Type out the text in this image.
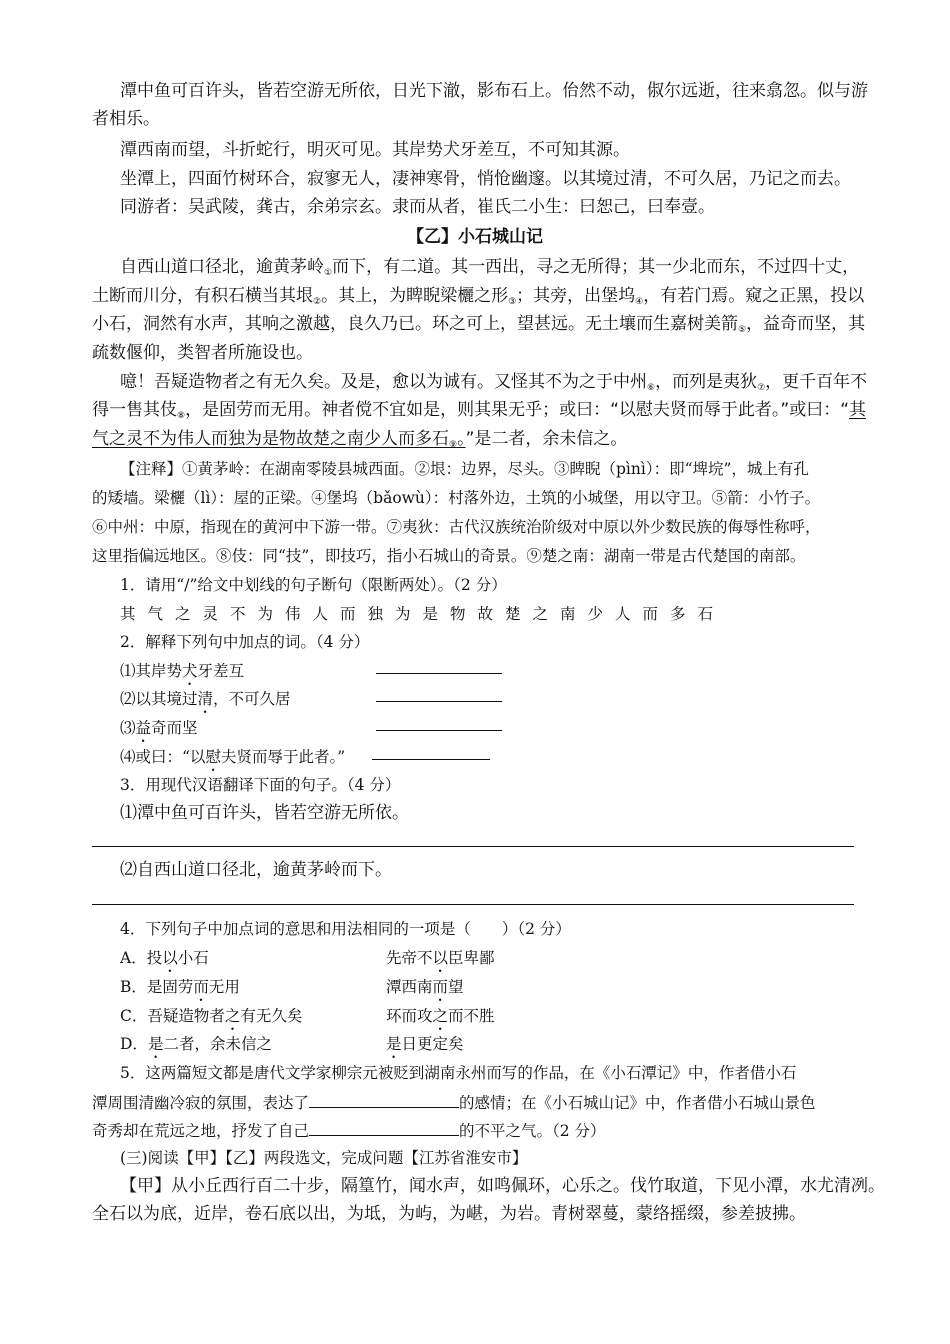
潭中鱼可百许头，皆若空游无所依，日光下澈，影布石上。佁然不动，俶尔远逝，往来翕忽。似与游
者相乐。
潭西南而望，斗折蛇行，明灭可见。其岸势犬牙差互，不可知其源。
坐潭上，四面竹树环合，寂寥无人，凄神寒骨，悄怆幽邃。以其境过清，不可久居，乃记之而去。
同游者：吴武陵，龚古，余弟宗玄。隶而从者，崔氏二小生：曰恕己，曰奉壹。
【乙】小石城山记
自西山道口径北，逾黄茅岭$_①$而下，有二道。其一西出，寻之无所得；其一少北而东，不过四十丈，
土断而川分，有积石横当其垠$_②$。其上，为睥睨梁欐之形$_③$；其旁，出堡坞$_④$，有若门焉。窥之正黑，投以
小石，洞然有水声，其响之激越，良久乃已。环之可上，望甚远。无土壤而生嘉树美箭$_⑤$，益奇而坚，其
疏数偃仰，类智者所施设也。
噫！吾疑造物者之有无久矣。及是，愈以为诚有。又怪其不为之于中州$_⑥$，而列是夷狄$_⑦$，更千百年不
得一售其伎$_⑧$，是固劳而无用。神者傥不宜如是，则其果无乎；或曰：“以慰夫贤而辱于此者。”或曰：“其
气之灵不为伟人而独为是物故楚之南少人而多石$_⑨$。”是二者，余未信之。
【注释】①黄茅岭：在湖南零陵县城西面。②垠：边界，尽头。③睥睨（pìnì）：即“埤垸”，城上有孔
的矮墙。梁欐（lì）：屋的正梁。④堡坞（bǎowù）：村落外边，土筑的小城堡，用以守卫。⑤箭：小竹子。
⑥中州：中原，指现在的黄河中下游一带。⑦夷狄：古代汉族统治阶级对中原以外少数民族的侮辱性称呼，
这里指偏远地区。⑧伎：同“技”，即技巧，指小石城山的奇景。⑨楚之南：湖南一带是古代楚国的南部。
1．请用“/”给文中划线的句子断句（限断两处）。（2 分）
其气之灵不为伟人而独为是物故楚之南少人而多石
2．解释下列句中加点的词。（4 分）
⑴其岸势犬牙差互
⑵以其境过清，不可久居
⑶益奇而坚
⑷或曰：“以慰夫贤而辱于此者。”
3．用现代汉语翻译下面的句子。（4 分）
⑴潭中鱼可百许头，皆若空游无所依。
⑵自西山道口径北，逾黄茅岭而下。
4．下列句子中加点词的意思和用法相同的一项是（　　）（2 分）
A．投以小石	先帝不以臣卑鄙
B．是固劳而无用	潭西南而望
C．吾疑造物者之有无久矣	环而攻之而不胜
D．是二者，余未信之	是日更定矣
5．这两篇短文都是唐代文学家柳宗元被贬到湖南永州而写的作品，在《小石潭记》中，作者借小石
潭周围清幽冷寂的氛围，表达了	的感情；在《小石城山记》中，作者借小石城山景色
奇秀却在荒远之地，抒发了自己	的不平之气。（2 分）
(三)阅读【甲】【乙】两段选文，完成问题【江苏省淮安市】
【甲】从小丘西行百二十步，隔篁竹，闻水声，如鸣佩环，心乐之。伐竹取道，下见小潭，水尤清冽。
全石以为底，近岸，卷石底以出，为坻，为屿，为嵁，为岩。青树翠蔓，蒙络摇缀，参差披拂。
